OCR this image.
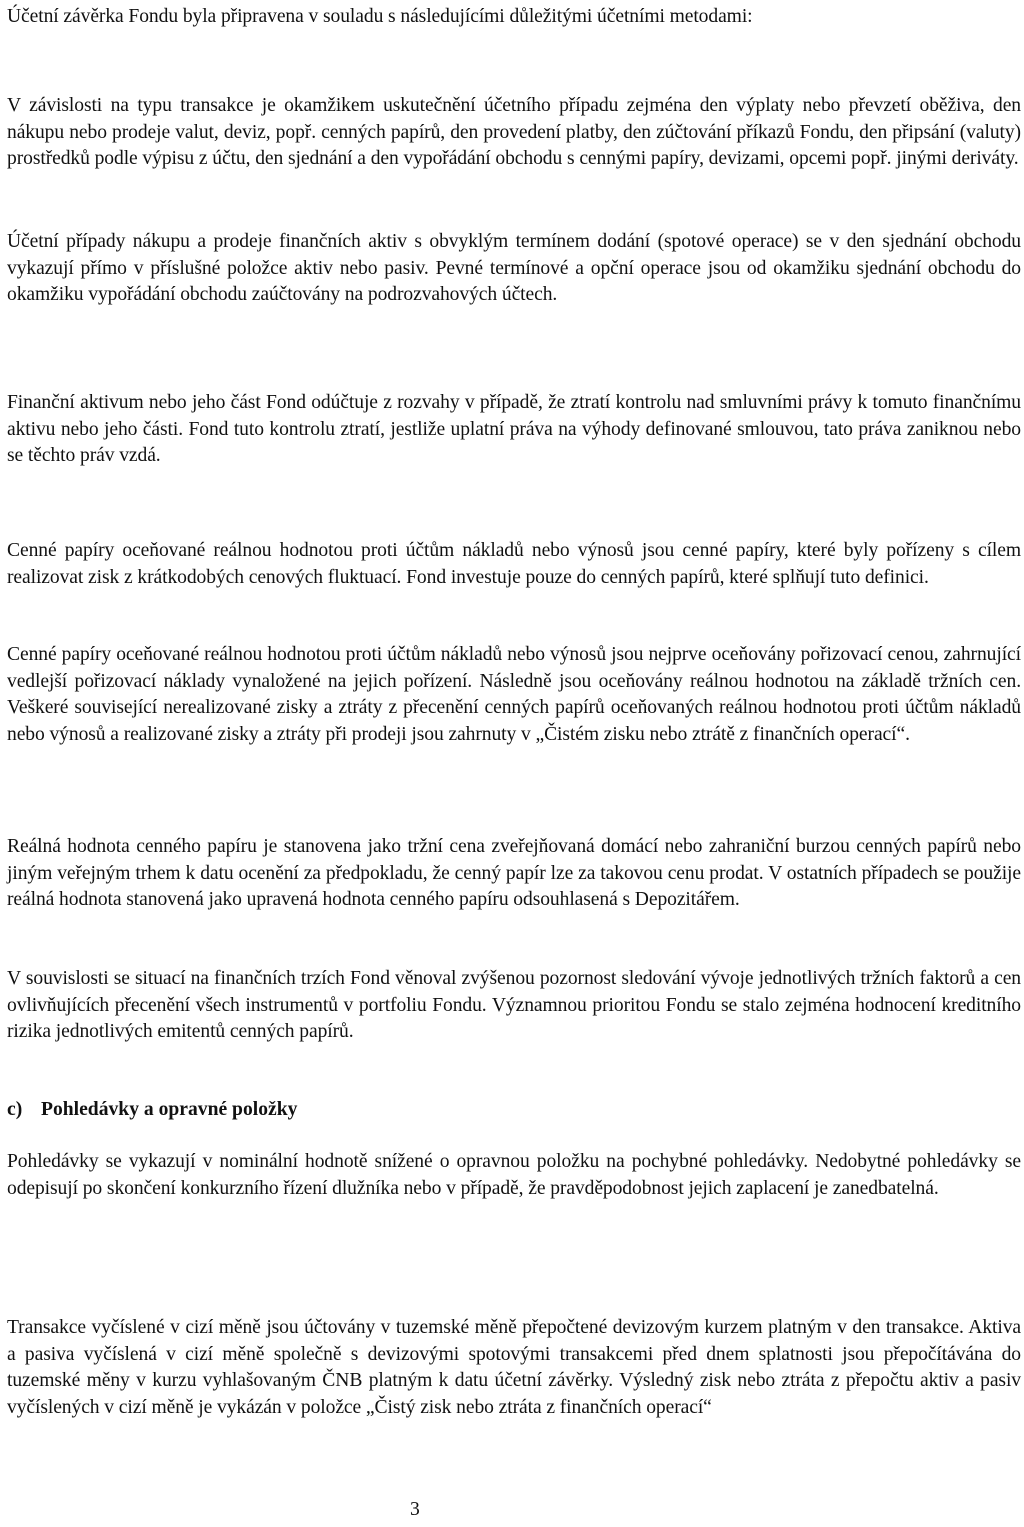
Účetní závěrka Fondu byla připravena v souladu s následujícími důležitými účetními metodami:

V závislosti na typu transakce je okamžikem uskutečnění účetního případu zejména den výplaty nebo převzetí oběživa, den nákupu nebo prodeje valut, deviz, popř. cenných papírů, den provedení platby, den zúčtování příkazů Fondu, den připsání (valuty) prostředků podle výpisu z účtu, den sjednání a den vypořádání obchodu s cennými papíry, devizami, opcemi popř. jinými deriváty.

Účetní případy nákupu a prodeje finančních aktiv s obvyklým termínem dodání (spotové operace) se v den sjednání obchodu vykazují přímo v příslušné položce aktiv nebo pasiv. Pevné termínové a opční operace jsou od okamžiku sjednání obchodu do okamžiku vypořádání obchodu zaúčtovány na podrozvahových účtech.

Finanční aktivum nebo jeho část Fond odúčtuje z rozvahy v případě, že ztratí kontrolu nad smluvními právy k tomuto finančnímu aktivu nebo jeho části. Fond tuto kontrolu ztratí, jestliže uplatní práva na výhody definované smlouvou, tato práva zaniknou nebo se těchto práv vzdá.

Cenné papíry oceňované reálnou hodnotou proti účtům nákladů nebo výnosů jsou cenné papíry, které byly pořízeny s cílem realizovat zisk z krátkodobých cenových fluktuací. Fond investuje pouze do cenných papírů, které splňují tuto definici.

Cenné papíry oceňované reálnou hodnotou proti účtům nákladů nebo výnosů jsou nejprve oceňovány pořizovací cenou, zahrnující vedlejší pořizovací náklady vynaložené na jejich pořízení. Následně jsou oceňovány reálnou hodnotou na základě tržních cen. Veškeré související nerealizované zisky a ztráty z přecenění cenných papírů oceňovaných reálnou hodnotou proti účtům nákladů nebo výnosů a realizované zisky a ztráty při prodeji jsou zahrnuty v „Čistém zisku nebo ztrátě z finančních operací“.

Reálná hodnota cenného papíru je stanovena jako tržní cena zveřejňovaná domácí nebo zahraniční burzou cenných papírů nebo jiným veřejným trhem k datu ocenění za předpokladu, že cenný papír lze za takovou cenu prodat. V ostatních případech se použije reálná hodnota stanovená jako upravená hodnota cenného papíru odsouhlasená s Depozitářem.

V souvislosti se situací na finančních trzích Fond věnoval zvýšenou pozornost sledování vývoje jednotlivých tržních faktorů a cen ovlivňujících přecenění všech instrumentů v portfoliu Fondu. Významnou prioritou Fondu se stalo zejména hodnocení kreditního rizika jednotlivých emitentů cenných papírů.

c) Pohledávky a opravné položky

Pohledávky se vykazují v nominální hodnotě snížené o opravnou položku na pochybné pohledávky. Nedobytné pohledávky se odepisují po skončení konkurzního řízení dlužníka nebo v případě, že pravděpodobnost jejich zaplacení je zanedbatelná.

Transakce vyčíslené v cizí měně jsou účtovány v tuzemské měně přepočtené devizovým kurzem platným v den transakce. Aktiva a pasiva vyčíslená v cizí měně společně s devizovými spotovými transakcemi před dnem splatnosti jsou přepočítávána do tuzemské měny v kurzu vyhlašovaným ČNB platným k datu účetní závěrky. Výsledný zisk nebo ztráta z přepočtu aktiv a pasiv vyčíslených v cizí měně je vykázán v položce „Čistý zisk nebo ztráta z finančních operací“

3
